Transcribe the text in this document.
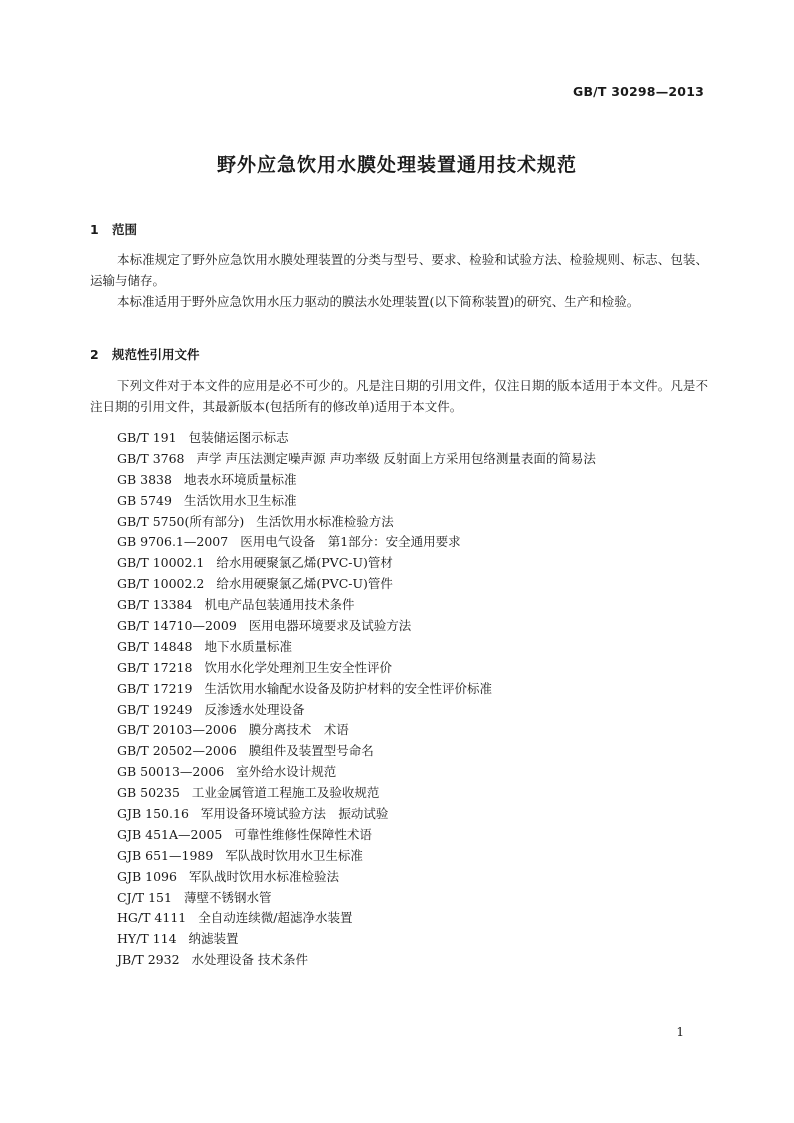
GB/T 30298—2013
野外应急饮用水膜处理装置通用技术规范
1 范围

本标准规定了野外应急饮用水膜处理装置的分类与型号、要求、检验和试验方法、检验规则、标志、包装、运输与储存。

本标准适用于野外应急饮用水压力驱动的膜法水处理装置(以下简称装置)的研究、生产和检验。

2 规范性引用文件

下列文件对于本文件的应用是必不可少的。凡是注日期的引用文件，仅注日期的版本适用于本文件。凡是不注日期的引用文件，其最新版本(包括所有的修改单)适用于本文件。

GB/T 191 包装储运图示标志
GB/T 3768 声学 声压法测定噪声源 声功率级 反射面上方采用包络测量表面的简易法
GB 3838 地表水环境质量标准
GB 5749 生活饮用水卫生标准
GB/T 5750(所有部分) 生活饮用水标准检验方法
GB 9706.1—2007 医用电气设备　第1部分：安全通用要求
GB/T 10002.1 给水用硬聚氯乙烯(PVC-U)管材
GB/T 10002.2 给水用硬聚氯乙烯(PVC-U)管件
GB/T 13384 机电产品包装通用技术条件
GB/T 14710—2009 医用电器环境要求及试验方法
GB/T 14848 地下水质量标准
GB/T 17218 饮用水化学处理剂卫生安全性评价
GB/T 17219 生活饮用水输配水设备及防护材料的安全性评价标准
GB/T 19249 反渗透水处理设备
GB/T 20103—2006 膜分离技术　术语
GB/T 20502—2006 膜组件及装置型号命名
GB 50013—2006 室外给水设计规范
GB 50235 工业金属管道工程施工及验收规范
GJB 150.16 军用设备环境试验方法　振动试验
GJB 451A—2005 可靠性维修性保障性术语
GJB 651—1989 军队战时饮用水卫生标准
GJB 1096 军队战时饮用水标准检验法
CJ/T 151 薄壁不锈钢水管
HG/T 4111 全自动连续微/超滤净水装置
HY/T 114 纳滤装置
JB/T 2932 水处理设备 技术条件
1
